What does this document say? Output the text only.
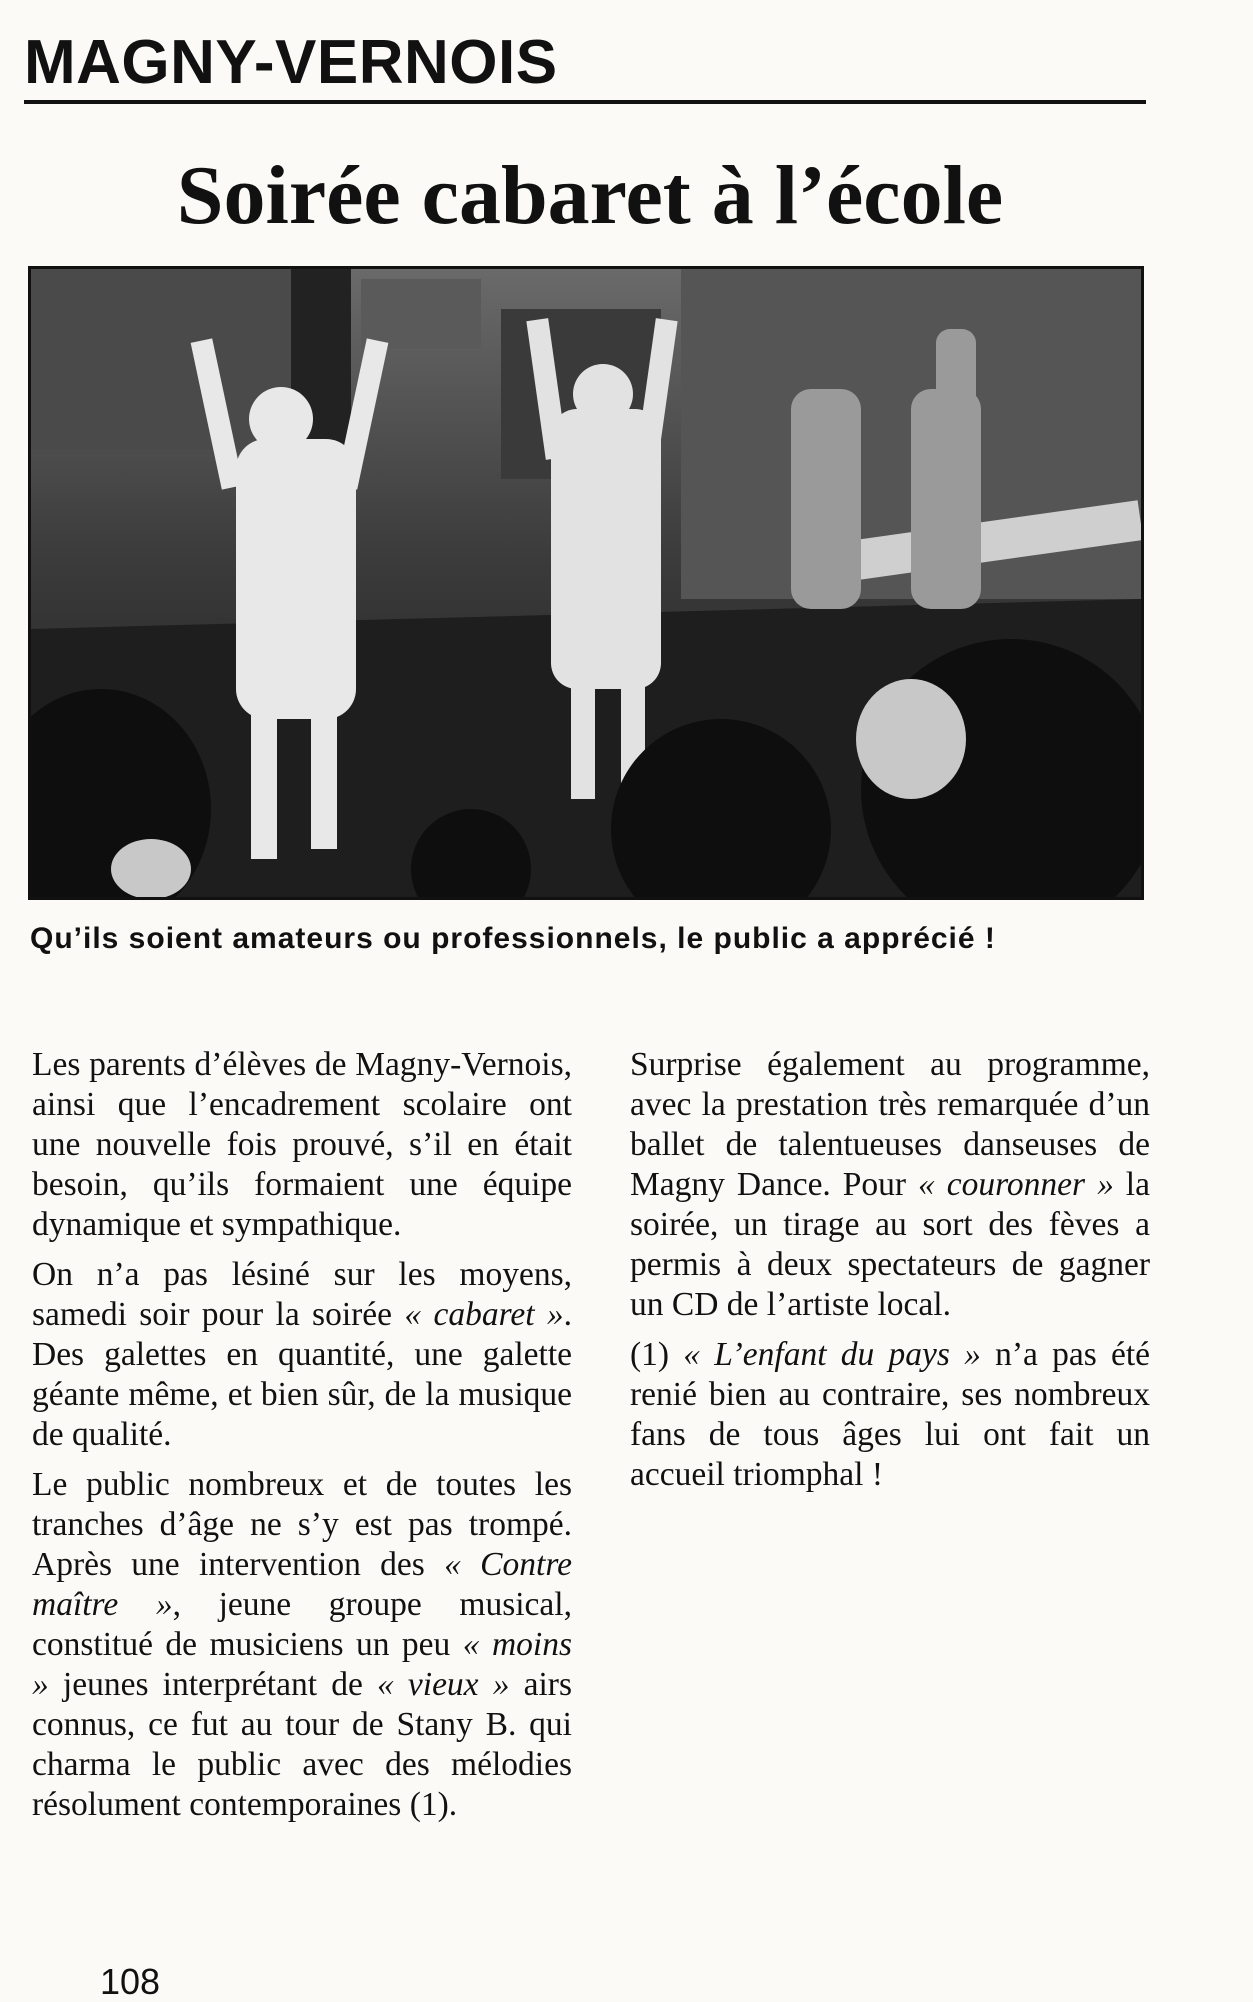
MAGNY-VERNOIS
Soirée cabaret à l’école
Qu’ils soient amateurs ou professionnels, le public a apprécié !

Les parents d’élèves de Magny-Vernois, ainsi que l’encadrement scolaire ont une nouvelle fois prouvé, s’il en était besoin, qu’ils formaient une équipe dynamique et sympathique.

On n’a pas lésiné sur les moyens, samedi soir pour la soirée « cabaret ». Des galettes en quantité, une galette géante même, et bien sûr, de la musique de qualité.

Le public nombreux et de toutes les tranches d’âge ne s’y est pas trompé. Après une intervention des « Contre maître », jeune groupe musical, constitué de musiciens un peu « moins » jeunes interprétant de « vieux » airs connus, ce fut au tour de Stany B. qui charma le public avec des mélodies résolument contemporaines (1).

Surprise également au programme, avec la prestation très remarquée d’un ballet de talentueuses danseuses de Magny Dance. Pour « couronner » la soirée, un tirage au sort des fèves a permis à deux spectateurs de gagner un CD de l’artiste local.

(1) « L’enfant du pays » n’a pas été renié bien au contraire, ses nombreux fans de tous âges lui ont fait un accueil triomphal !

108
